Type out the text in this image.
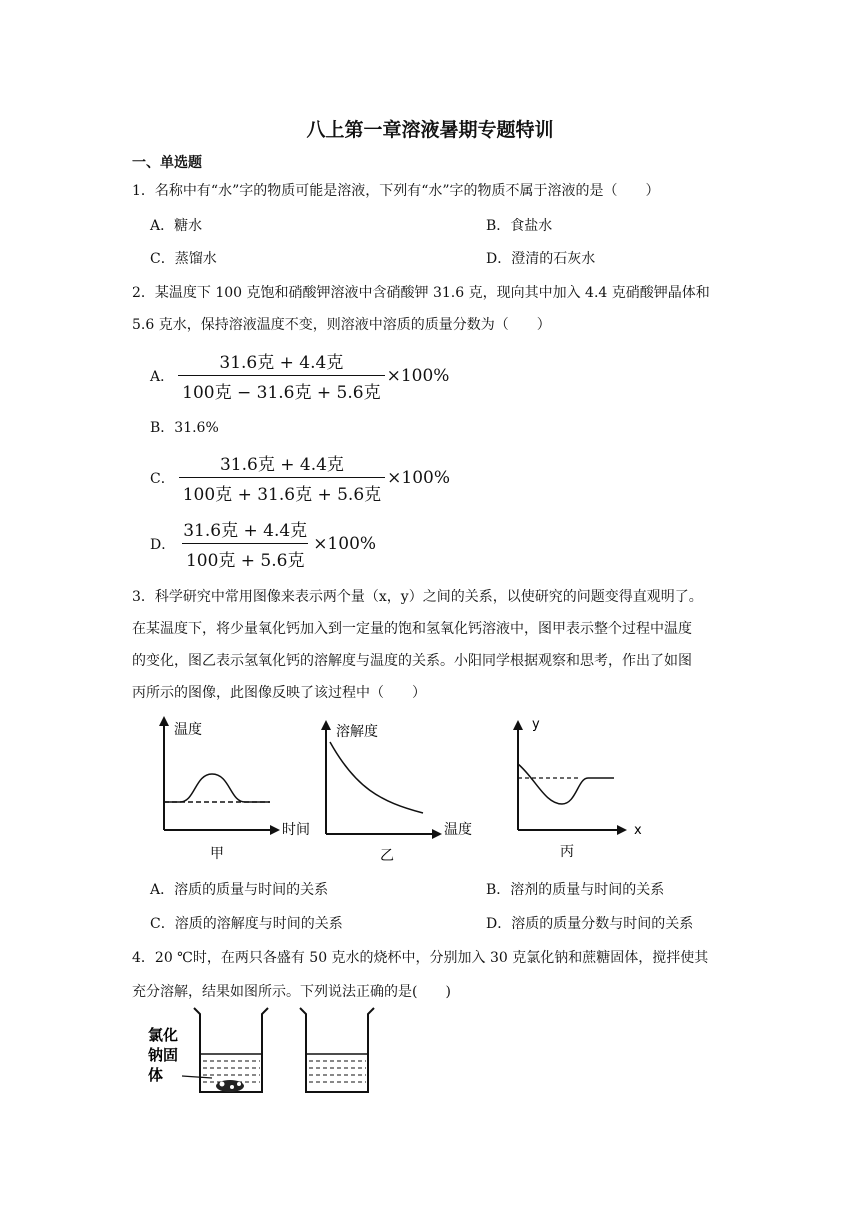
八上第一章溶液暑期专题特训
一、单选题
1．名称中有“水”字的物质可能是溶液，下列有“水”字的物质不属于溶液的是（　　）
A．糖水	B．食盐水
C．蒸馏水	D．澄清的石灰水
2．某温度下 100 克饱和硝酸钾溶液中含硝酸钾 31.6 克，现向其中加入 4.4 克硝酸钾晶体和
5.6 克水，保持溶液温度不变，则溶液中溶质的质量分数为（　　）
A． $\frac{\text{31.6克 + 4.4克}}{\text{100克 − 31.6克 + 5.6克}} \times 100\%$
B．31.6%
C． $\frac{\text{31.6克 + 4.4克}}{\text{100克 + 31.6克 + 5.6克}} \times 100\%$
D． $\frac{\text{31.6克 + 4.4克}}{\text{100克 + 5.6克}} \times 100\%$
3．科学研究中常用图像来表示两个量（x，y）之间的关系，以使研究的问题变得直观明了。
在某温度下，将少量氧化钙加入到一定量的饱和氢氧化钙溶液中，图甲表示整个过程中温度
的变化，图乙表示氢氧化钙的溶解度与温度的关系。小阳同学根据观察和思考，作出了如图
丙所示的图像，此图像反映了该过程中（　　）
温度
时间
甲
溶解度
温度
乙
y
x
丙
A．溶质的质量与时间的关系	B．溶剂的质量与时间的关系
C．溶质的溶解度与时间的关系	D．溶质的质量分数与时间的关系
4．20 ℃时，在两只各盛有 50 克水的烧杯中，分别加入 30 克氯化钠和蔗糖固体，搅拌使其
充分溶解，结果如图所示。下列说法正确的是(　　)
氯化
钠固
体
